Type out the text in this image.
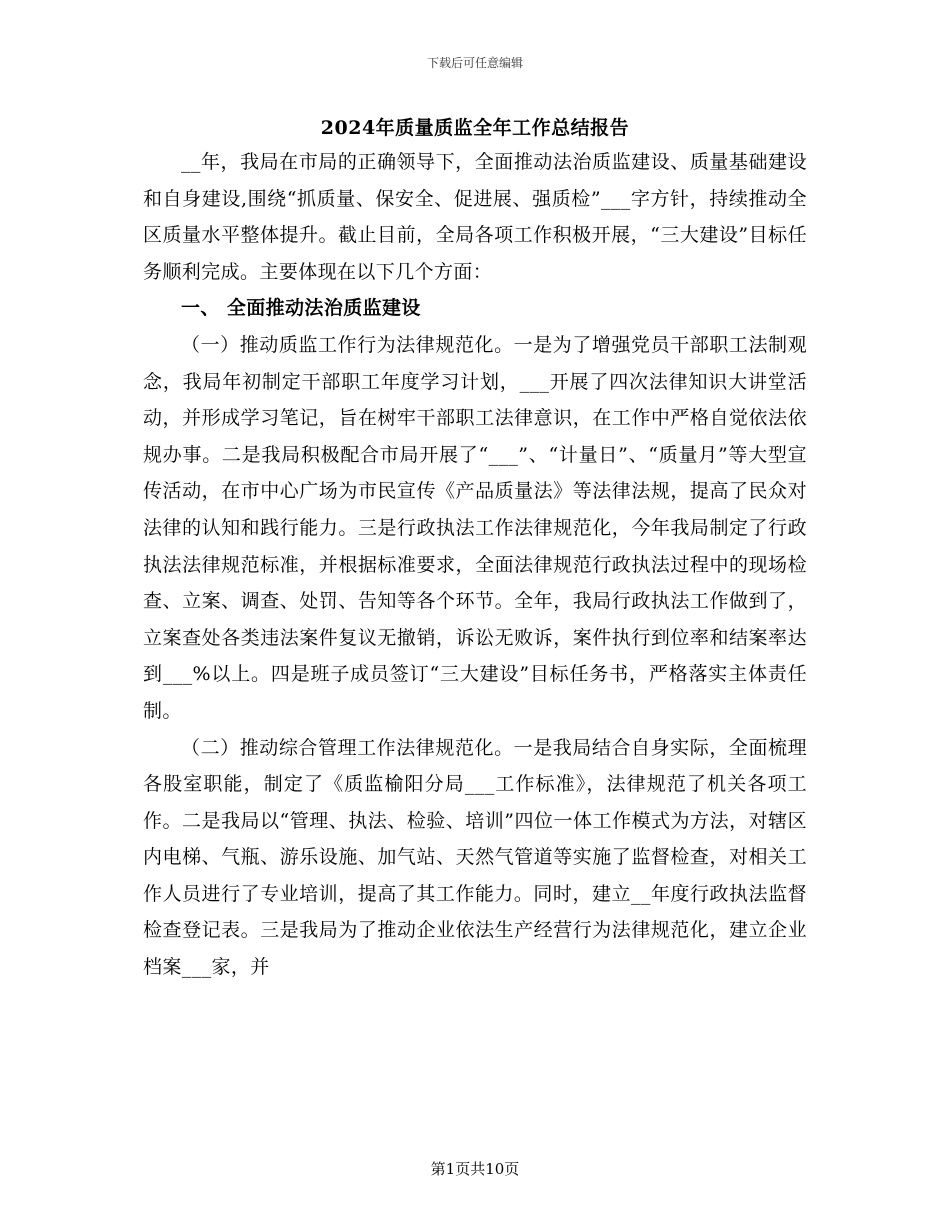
下载后可任意编辑
2024年质量质监全年工作总结报告

__年，我局在市局的正确领导下，全面推动法治质监建设、质量基础建设和自身建设,围绕“抓质量、保安全、促进展、强质检”___字方针，持续推动全区质量水平整体提升。截止目前，全局各项工作积极开展，“三大建设”目标任务顺利完成。主要体现在以下几个方面：

一、 全面推动法治质监建设

（一）推动质监工作行为法律规范化。一是为了增强党员干部职工法制观念，我局年初制定干部职工年度学习计划，___开展了四次法律知识大讲堂活动，并形成学习笔记，旨在树牢干部职工法律意识，在工作中严格自觉依法依规办事。二是我局积极配合市局开展了“___”、“计量日”、“质量月”等大型宣传活动，在市中心广场为市民宣传《产品质量法》等法律法规，提高了民众对法律的认知和践行能力。三是行政执法工作法律规范化，今年我局制定了行政执法法律规范标准，并根据标准要求，全面法律规范行政执法过程中的现场检查、立案、调查、处罚、告知等各个环节。全年，我局行政执法工作做到了，立案查处各类违法案件复议无撤销，诉讼无败诉，案件执行到位率和结案率达到___%以上。四是班子成员签订“三大建设”目标任务书，严格落实主体责任制。

（二）推动综合管理工作法律规范化。一是我局结合自身实际，全面梳理各股室职能，制定了《质监榆阳分局___工作标准》，法律规范了机关各项工作。二是我局以“管理、执法、检验、培训”四位一体工作模式为方法，对辖区内电梯、气瓶、游乐设施、加气站、天然气管道等实施了监督检查，对相关工作人员进行了专业培训，提高了其工作能力。同时，建立__年度行政执法监督检查登记表。三是我局为了推动企业依法生产经营行为法律规范化，建立企业档案___家，并

第1页共10页
